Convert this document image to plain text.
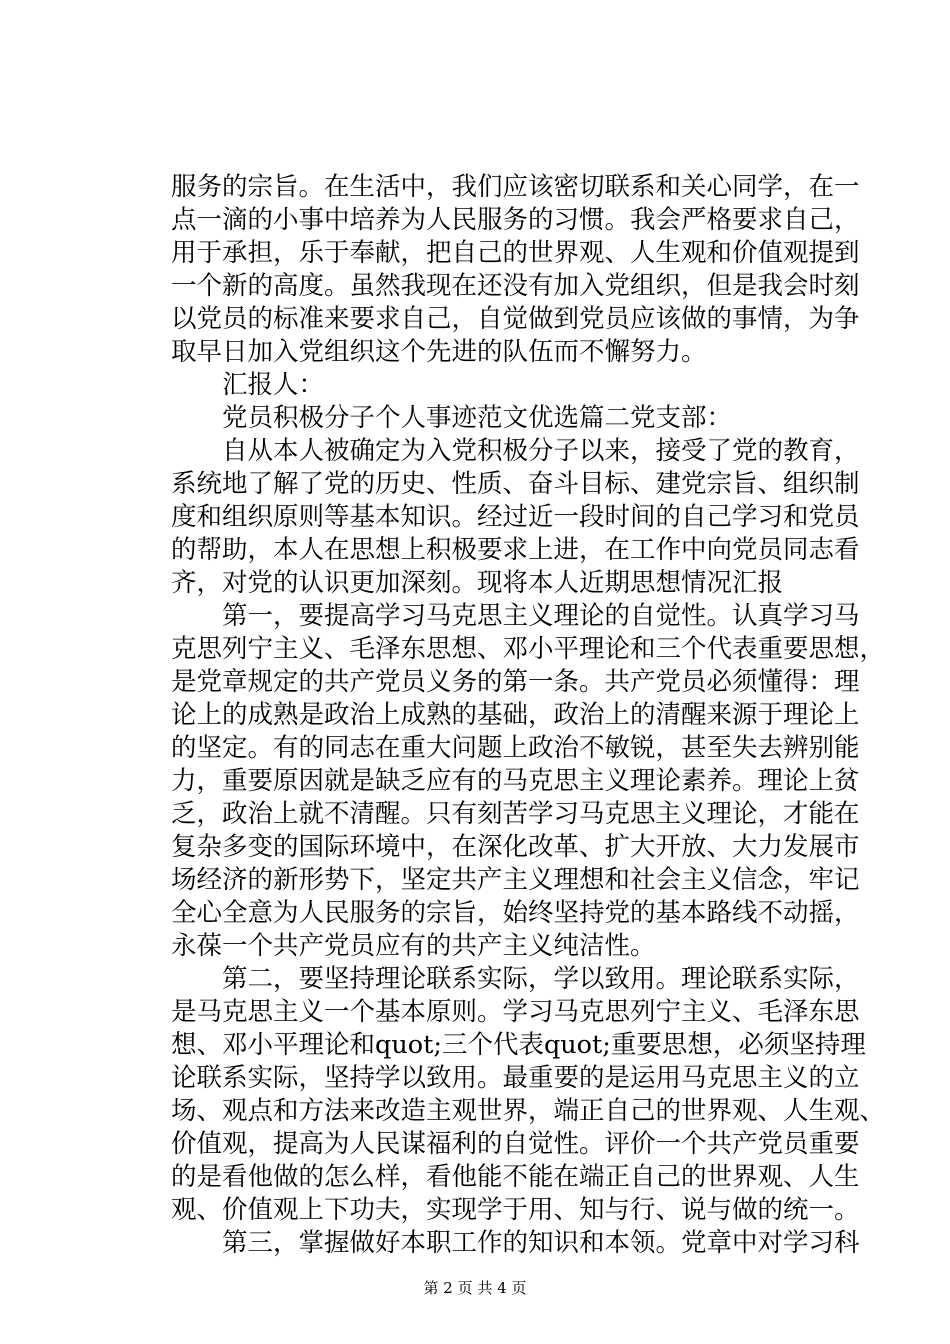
服务的宗旨。在生活中，我们应该密切联系和关心同学，在一
点一滴的小事中培养为人民服务的习惯。我会严格要求自己，
用于承担，乐于奉献，把自己的世界观、人生观和价值观提到
一个新的高度。虽然我现在还没有加入党组织，但是我会时刻
以党员的标准来要求自己，自觉做到党员应该做的事情，为争
取早日加入党组织这个先进的队伍而不懈努力。
　　汇报人：
　　党员积极分子个人事迹范文优选篇二党支部：
　　自从本人被确定为入党积极分子以来，接受了党的教育，
系统地了解了党的历史、性质、奋斗目标、建党宗旨、组织制
度和组织原则等基本知识。经过近一段时间的自己学习和党员
的帮助，本人在思想上积极要求上进，在工作中向党员同志看
齐，对党的认识更加深刻。现将本人近期思想情况汇报
　　第一，要提高学习马克思主义理论的自觉性。认真学习马
克思列宁主义、毛泽东思想、邓小平理论和三个代表重要思想，
是党章规定的共产党员义务的第一条。共产党员必须懂得：理
论上的成熟是政治上成熟的基础，政治上的清醒来源于理论上
的坚定。有的同志在重大问题上政治不敏锐，甚至失去辨别能
力，重要原因就是缺乏应有的马克思主义理论素养。理论上贫
乏，政治上就不清醒。只有刻苦学习马克思主义理论，才能在
复杂多变的国际环境中，在深化改革、扩大开放、大力发展市
场经济的新形势下，坚定共产主义理想和社会主义信念，牢记
全心全意为人民服务的宗旨，始终坚持党的基本路线不动摇，
永葆一个共产党员应有的共产主义纯洁性。
　　第二，要坚持理论联系实际，学以致用。理论联系实际，
是马克思主义一个基本原则。学习马克思列宁主义、毛泽东思
想、邓小平理论和quot;三个代表quot;重要思想，必须坚持理
论联系实际，坚持学以致用。最重要的是运用马克思主义的立
场、观点和方法来改造主观世界，端正自己的世界观、人生观、
价值观，提高为人民谋福利的自觉性。评价一个共产党员重要
的是看他做的怎么样，看他能不能在端正自己的世界观、人生
观、价值观上下功夫，实现学于用、知与行、说与做的统一。
　　第三，掌握做好本职工作的知识和本领。党章中对学习科
第 2 页 共 4 页
